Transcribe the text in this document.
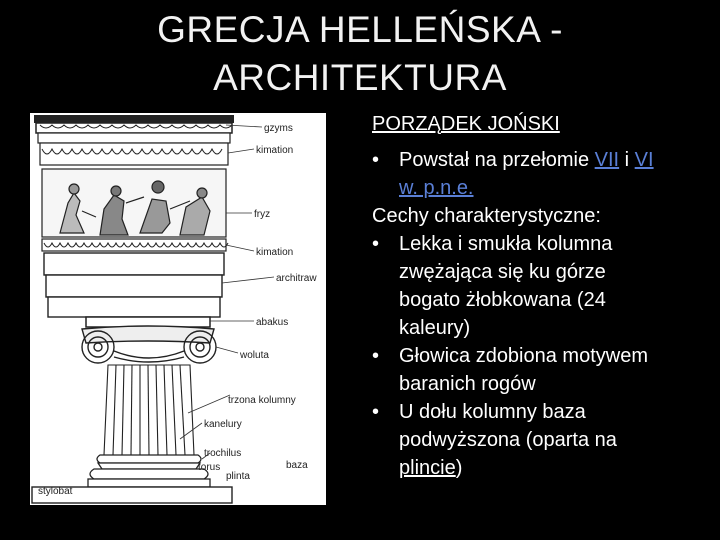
GRECJA HELLEŃSKA -
ARCHITEKTURA
gzyms
kimation
fryz
kimation
architraw
abakus
woluta
trzona kolumny
kanelury
trochilus
torus
plinta
baza
stylobat
PORZĄDEK JOŃSKI
• Powstał na przełomie VII i VI
w. p.n.e.
Cechy charakterystyczne:
• Lekka i smukła kolumna
zwężająca się ku górze
bogato żłobkowana (24
kaleury)
• Głowica zdobiona motywem
baranich rogów
• U dołu kolumny baza
podwyższona (oparta na
plincie)
